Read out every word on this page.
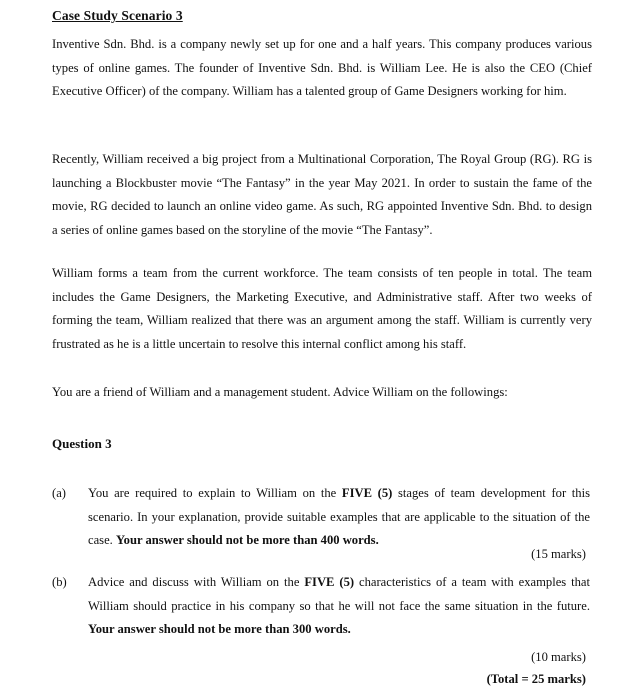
Case Study Scenario 3

Inventive Sdn. Bhd. is a company newly set up for one and a half years. This company produces various types of online games. The founder of Inventive Sdn. Bhd. is William Lee. He is also the CEO (Chief Executive Officer) of the company. William has a talented group of Game Designers working for him.

Recently, William received a big project from a Multinational Corporation, The Royal Group (RG). RG is launching a Blockbuster movie “The Fantasy” in the year May 2021. In order to sustain the fame of the movie, RG decided to launch an online video game. As such, RG appointed Inventive Sdn. Bhd. to design a series of online games based on the storyline of the movie “The Fantasy”.

William forms a team from the current workforce. The team consists of ten people in total. The team includes the Game Designers, the Marketing Executive, and Administrative staff. After two weeks of forming the team, William realized that there was an argument among the staff. William is currently very frustrated as he is a little uncertain to resolve this internal conflict among his staff.

You are a friend of William and a management student. Advice William on the followings:

Question 3
(a) You are required to explain to William on the FIVE (5) stages of team development for this scenario. In your explanation, provide suitable examples that are applicable to the situation of the case. Your answer should not be more than 400 words.

(15 marks)
(b) Advice and discuss with William on the FIVE (5) characteristics of a team with examples that William should practice in his company so that he will not face the same situation in the future. Your answer should not be more than 300 words.

(10 marks)
(Total = 25 marks)
